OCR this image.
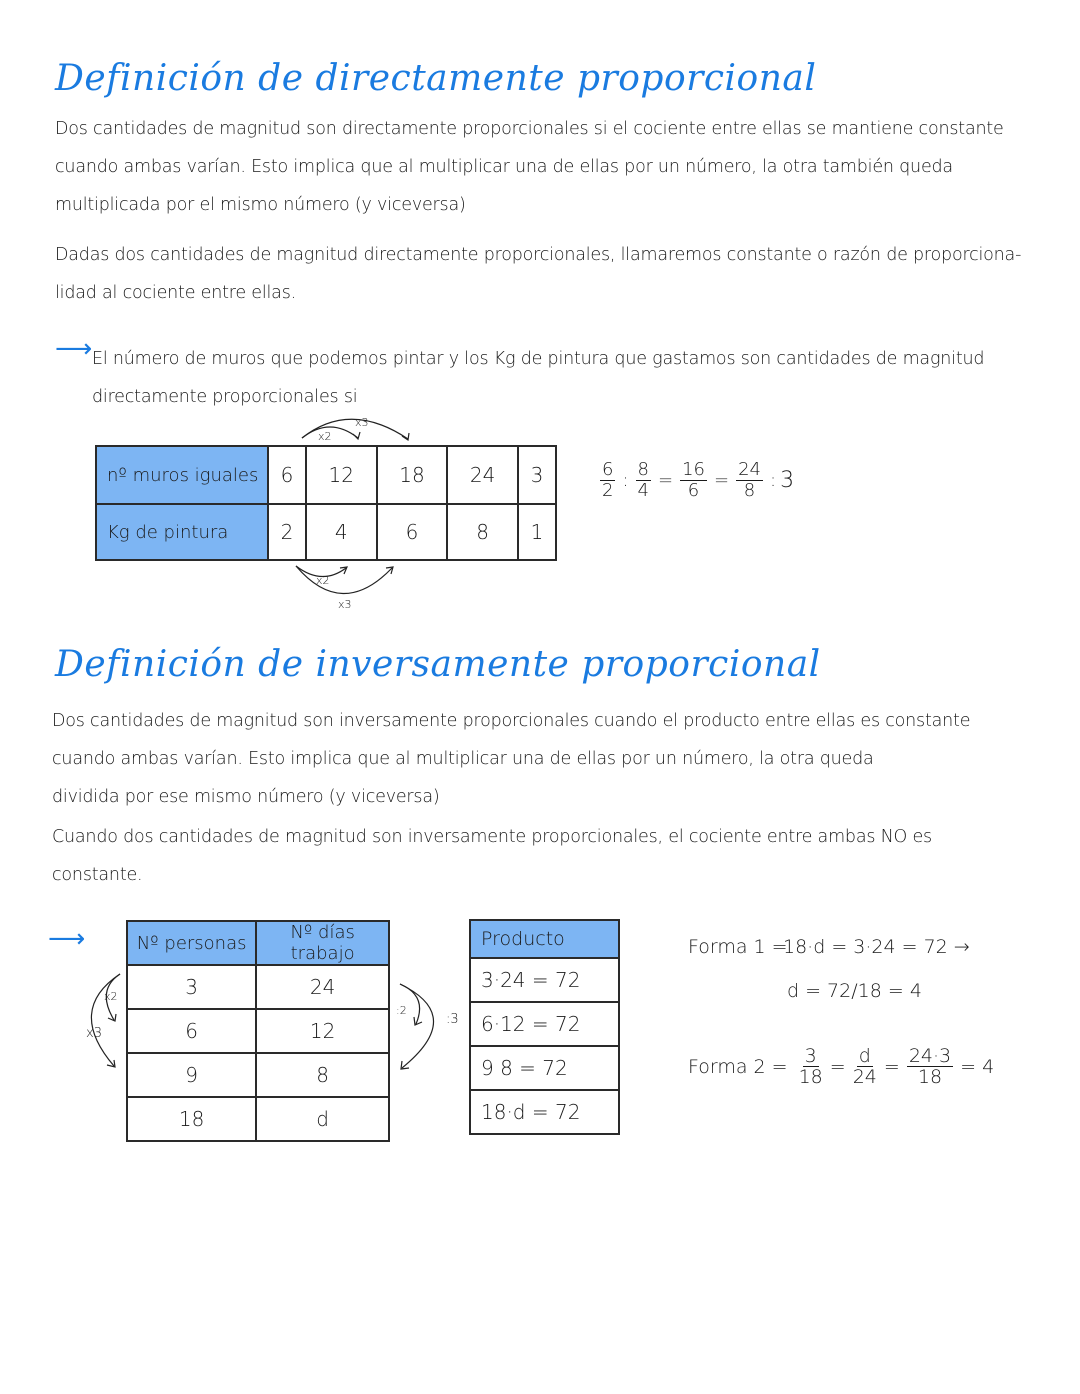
Definición de directamente proporcional
Dos cantidades de magnitud son directamente proporcionales si el cociente entre ellas se mantiene constante
cuando ambas varían. Esto implica que al multiplicar una de ellas por un número, la otra también queda
multiplicada por el mismo número (y viceversa)
Dadas dos cantidades de magnitud directamente proporcionales, llamaremos constante o razón de proporciona-
lidad al cociente entre ellas.
⟶ El número de muros que podemos pintar y los Kg de pintura que gastamos son cantidades de magnitud
directamente proporcionales si
x2
x3
nº muros iguales	6	12	18	24	3
Kg de pintura	2	4	6	8	1
x2
x3
$\frac{6}{2}$ : $\frac{8}{4} = \frac{16}{6} = \frac{24}{8}$ : 3
Definición de inversamente proporcional
Dos cantidades de magnitud son inversamente proporcionales cuando el producto entre ellas es constante
cuando ambas varían. Esto implica que al multiplicar una de ellas por un número, la otra queda
dividida por ese mismo número (y viceversa)
Cuando dos cantidades de magnitud son inversamente proporcionales, el cociente entre ambas NO es
constante.
⟶
x2
x3
Nº personas	Nº días trabajo
3	24
6	12
9	8
18	d
:2
:3
Producto
3·24 = 72
6·12 = 72
9 8 = 72
18·d = 72
Forma 1 =
18·d = 3·24 = 72 →
d = 72/18 = 4
Forma $2 = \frac{3}{18} = \frac{d}{24} = \frac{24\cdot 3}{18} = 4$
